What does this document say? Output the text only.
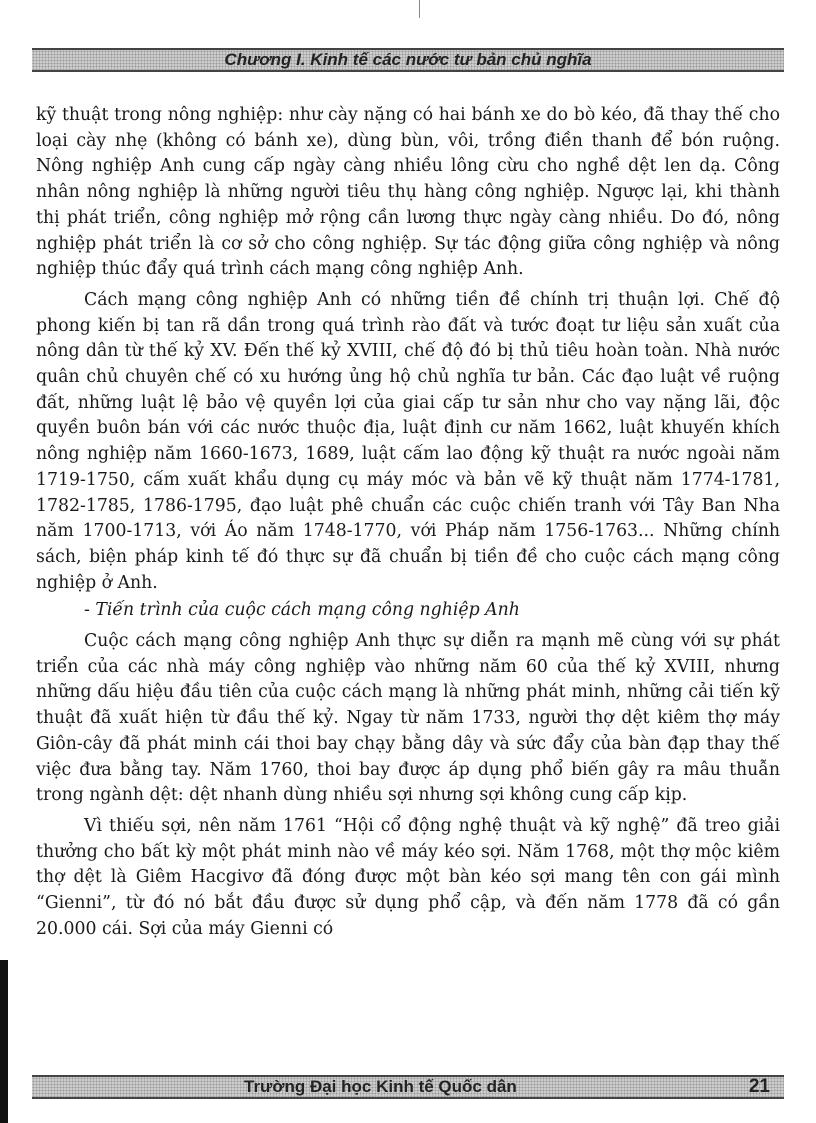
Chương I. Kinh tế các nước tư bản chủ nghĩa

kỹ thuật trong nông nghiệp: như cày nặng có hai bánh xe do bò kéo, đã thay thế cho loại cày nhẹ (không có bánh xe), dùng bùn, vôi, trồng điền thanh để bón ruộng. Nông nghiệp Anh cung cấp ngày càng nhiều lông cừu cho nghề dệt len dạ. Công nhân nông nghiệp là những người tiêu thụ hàng công nghiệp. Ngược lại, khi thành thị phát triển, công nghiệp mở rộng cần lương thực ngày càng nhiều. Do đó, nông nghiệp phát triển là cơ sở cho công nghiệp. Sự tác động giữa công nghiệp và nông nghiệp thúc đẩy quá trình cách mạng công nghiệp Anh.

Cách mạng công nghiệp Anh có những tiền đề chính trị thuận lợi. Chế độ phong kiến bị tan rã dần trong quá trình rào đất và tước đoạt tư liệu sản xuất của nông dân từ thế kỷ XV. Đến thế kỷ XVIII, chế độ đó bị thủ tiêu hoàn toàn. Nhà nước quân chủ chuyên chế có xu hướng ủng hộ chủ nghĩa tư bản. Các đạo luật về ruộng đất, những luật lệ bảo vệ quyền lợi của giai cấp tư sản như cho vay nặng lãi, độc quyền buôn bán với các nước thuộc địa, luật định cư năm 1662, luật khuyến khích nông nghiệp năm 1660-1673, 1689, luật cấm lao động kỹ thuật ra nước ngoài năm 1719-1750, cấm xuất khẩu dụng cụ máy móc và bản vẽ kỹ thuật năm 1774-1781, 1782-1785, 1786-1795, đạo luật phê chuẩn các cuộc chiến tranh với Tây Ban Nha năm 1700-1713, với Áo năm 1748-1770, với Pháp năm 1756-1763... Những chính sách, biện pháp kinh tế đó thực sự đã chuẩn bị tiền đề cho cuộc cách mạng công nghiệp ở Anh.

- Tiến trình của cuộc cách mạng công nghiệp Anh

Cuộc cách mạng công nghiệp Anh thực sự diễn ra mạnh mẽ cùng với sự phát triển của các nhà máy công nghiệp vào những năm 60 của thế kỷ XVIII, nhưng những dấu hiệu đầu tiên của cuộc cách mạng là những phát minh, những cải tiến kỹ thuật đã xuất hiện từ đầu thế kỷ. Ngay từ năm 1733, người thợ dệt kiêm thợ máy Giôn-cây đã phát minh cái thoi bay chạy bằng dây và sức đẩy của bàn đạp thay thế việc đưa bằng tay. Năm 1760, thoi bay được áp dụng phổ biến gây ra mâu thuẫn trong ngành dệt: dệt nhanh dùng nhiều sợi nhưng sợi không cung cấp kịp.

Vì thiếu sợi, nên năm 1761 “Hội cổ động nghệ thuật và kỹ nghệ” đã treo giải thưởng cho bất kỳ một phát minh nào về máy kéo sợi. Năm 1768, một thợ mộc kiêm thợ dệt là Giêm Hacgivơ đã đóng được một bàn kéo sợi mang tên con gái mình “Gienni”, từ đó nó bắt đầu được sử dụng phổ cập, và đến năm 1778 đã có gần 20.000 cái. Sợi của máy Gienni có

Trường Đại học Kinh tế Quốc dân	21
